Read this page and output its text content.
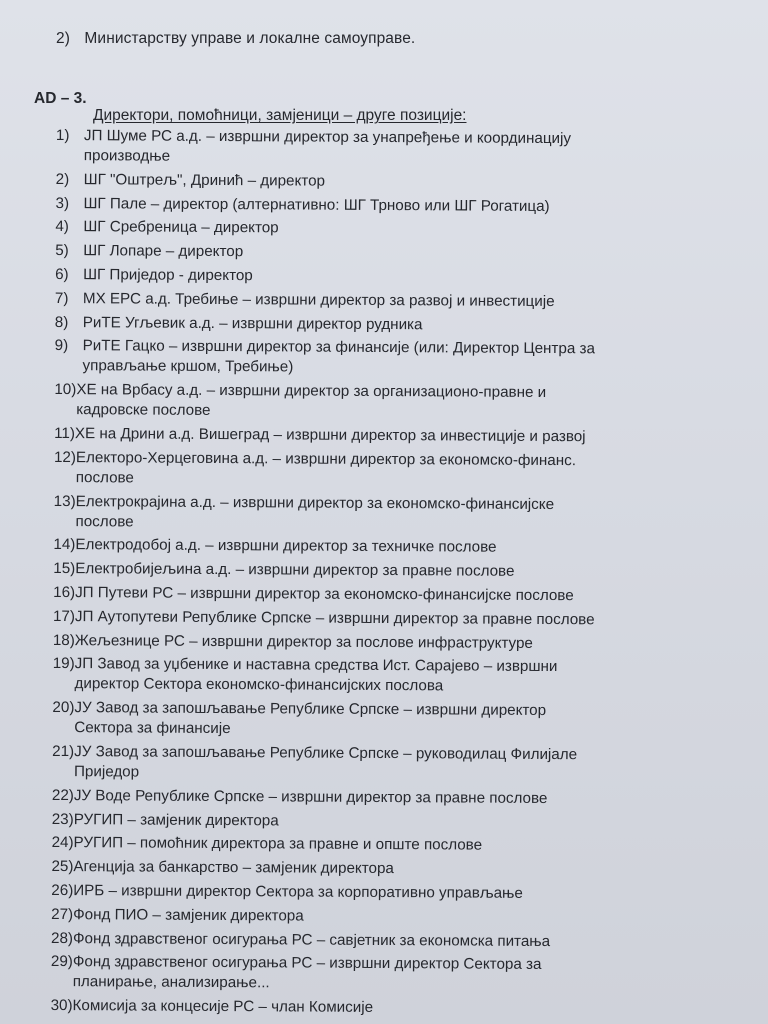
2) Министарству управе и локалне самоуправе.
AD – 3.
Директори, помоћници, замјеници – друге позиције:
1) ЈП Шуме РС а.д. – извршни директор за унапређење и координацију
производње
2) ШГ "Оштрељ", Дринић – директор
3) ШГ Пале – директор (алтернативно: ШГ Трново или ШГ Рогатица)
4) ШГ Сребреница – директор
5) ШГ Лопаре – директор
6) ШГ Приједор - директор
7) МХ ЕРС а.д. Требиње – извршни директор за развој и инвестиције
8) РиТЕ Угљевик а.д. – извршни директор рудника
9) РиТЕ Гацко – извршни директор за финансије (или: Директор Центра за
управљање кршом, Требиње)
10) ХЕ на Врбасу а.д. – извршни директор за организационо-правне и
кадровске послове
11) ХЕ на Дрини а.д. Вишеград – извршни директор за инвестиције и развој
12) Електоро-Херцеговина а.д. – извршни директор за економско-финанс.
послове
13) Електрокрајина а.д. – извршни директор за економско-финансијске
послове
14) Електродобој а.д. – извршни директор за техничке послове
15) Електробијељина а.д. – извршни директор за правне послове
16) ЈП Путеви РС – извршни директор за економско-финансијске послове
17) ЈП Аутопутеви Републике Српске – извршни директор за правне послове
18) Жељезнице РС – извршни директор за послове инфраструктуре
19) ЈП Завод за уџбенике и наставна средства Ист. Сарајево – извршни
директор Сектора економско-финансијских послова
20) ЈУ Завод за запошљавање Републике Српске – извршни директор
Сектора за финансије
21) ЈУ Завод за запошљавање Републике Српске – руководилац Филијале
Приједор
22) ЈУ Воде Републике Српске – извршни директор за правне послове
23) РУГИП – замјеник директора
24) РУГИП – помоћник директора за правне и опште послове
25) Агенција за банкарство – замјеник директора
26) ИРБ – извршни директор Сектора за корпоративно управљање
27) Фонд ПИО – замјеник директора
28) Фонд здравственог осигурања РС – савјетник за економска питања
29) Фонд здравственог осигурања РС – извршни директор Сектора за
планирање, анализирање...
30) Комисија за концесије РС – члан Комисије
